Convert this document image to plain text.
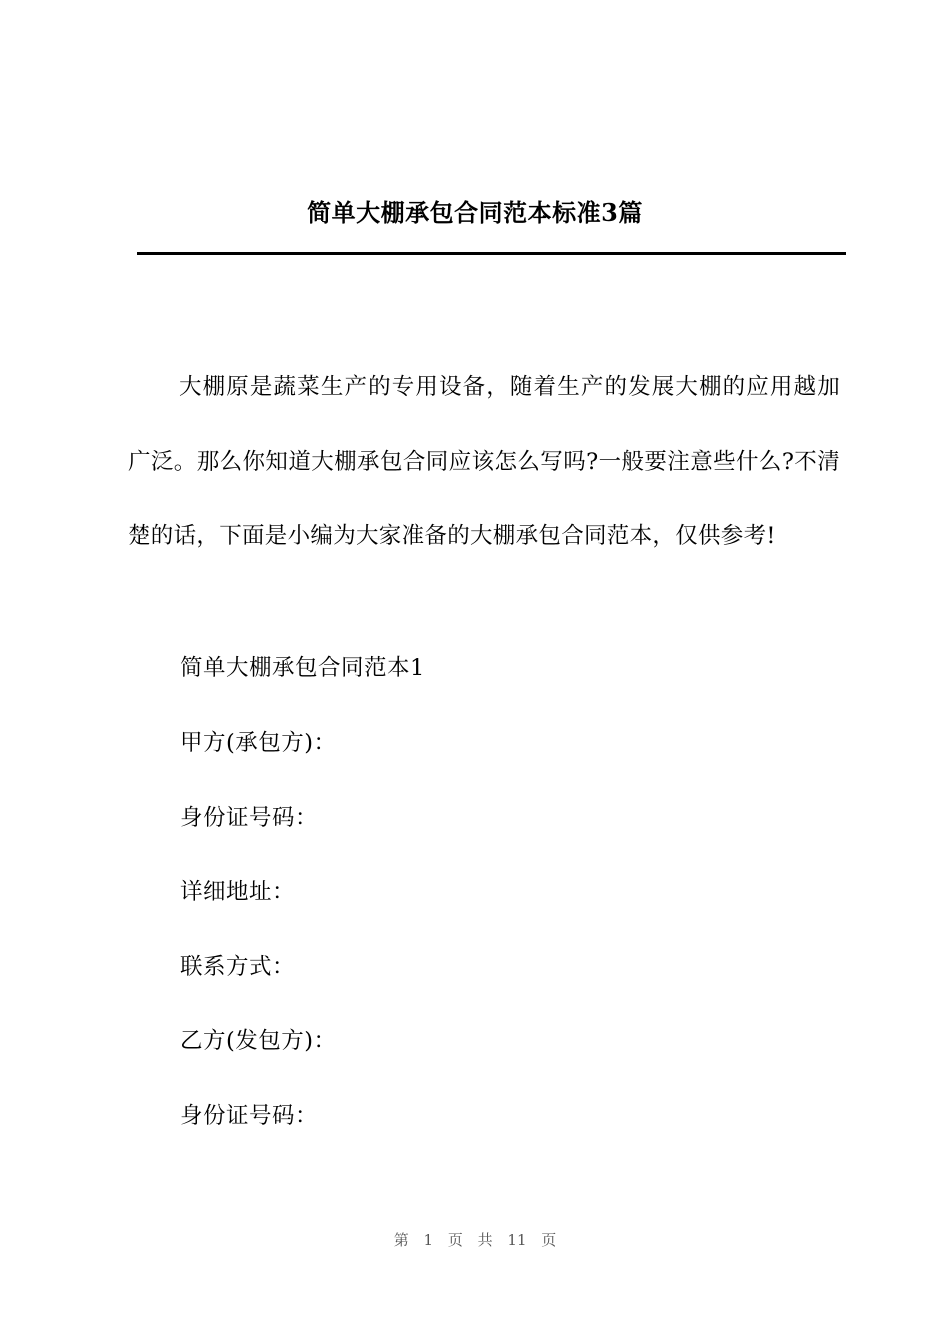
简单大棚承包合同范本标准3篇

大棚原是蔬菜生产的专用设备，随着生产的发展大棚的应用越加广泛。那么你知道大棚承包合同应该怎么写吗?一般要注意些什么?不清楚的话，下面是小编为大家准备的大棚承包合同范本，仅供参考!

简单大棚承包合同范本1

甲方(承包方)：

身份证号码：

详细地址：

联系方式：

乙方(发包方)：

身份证号码：

第 1 页 共 11 页
